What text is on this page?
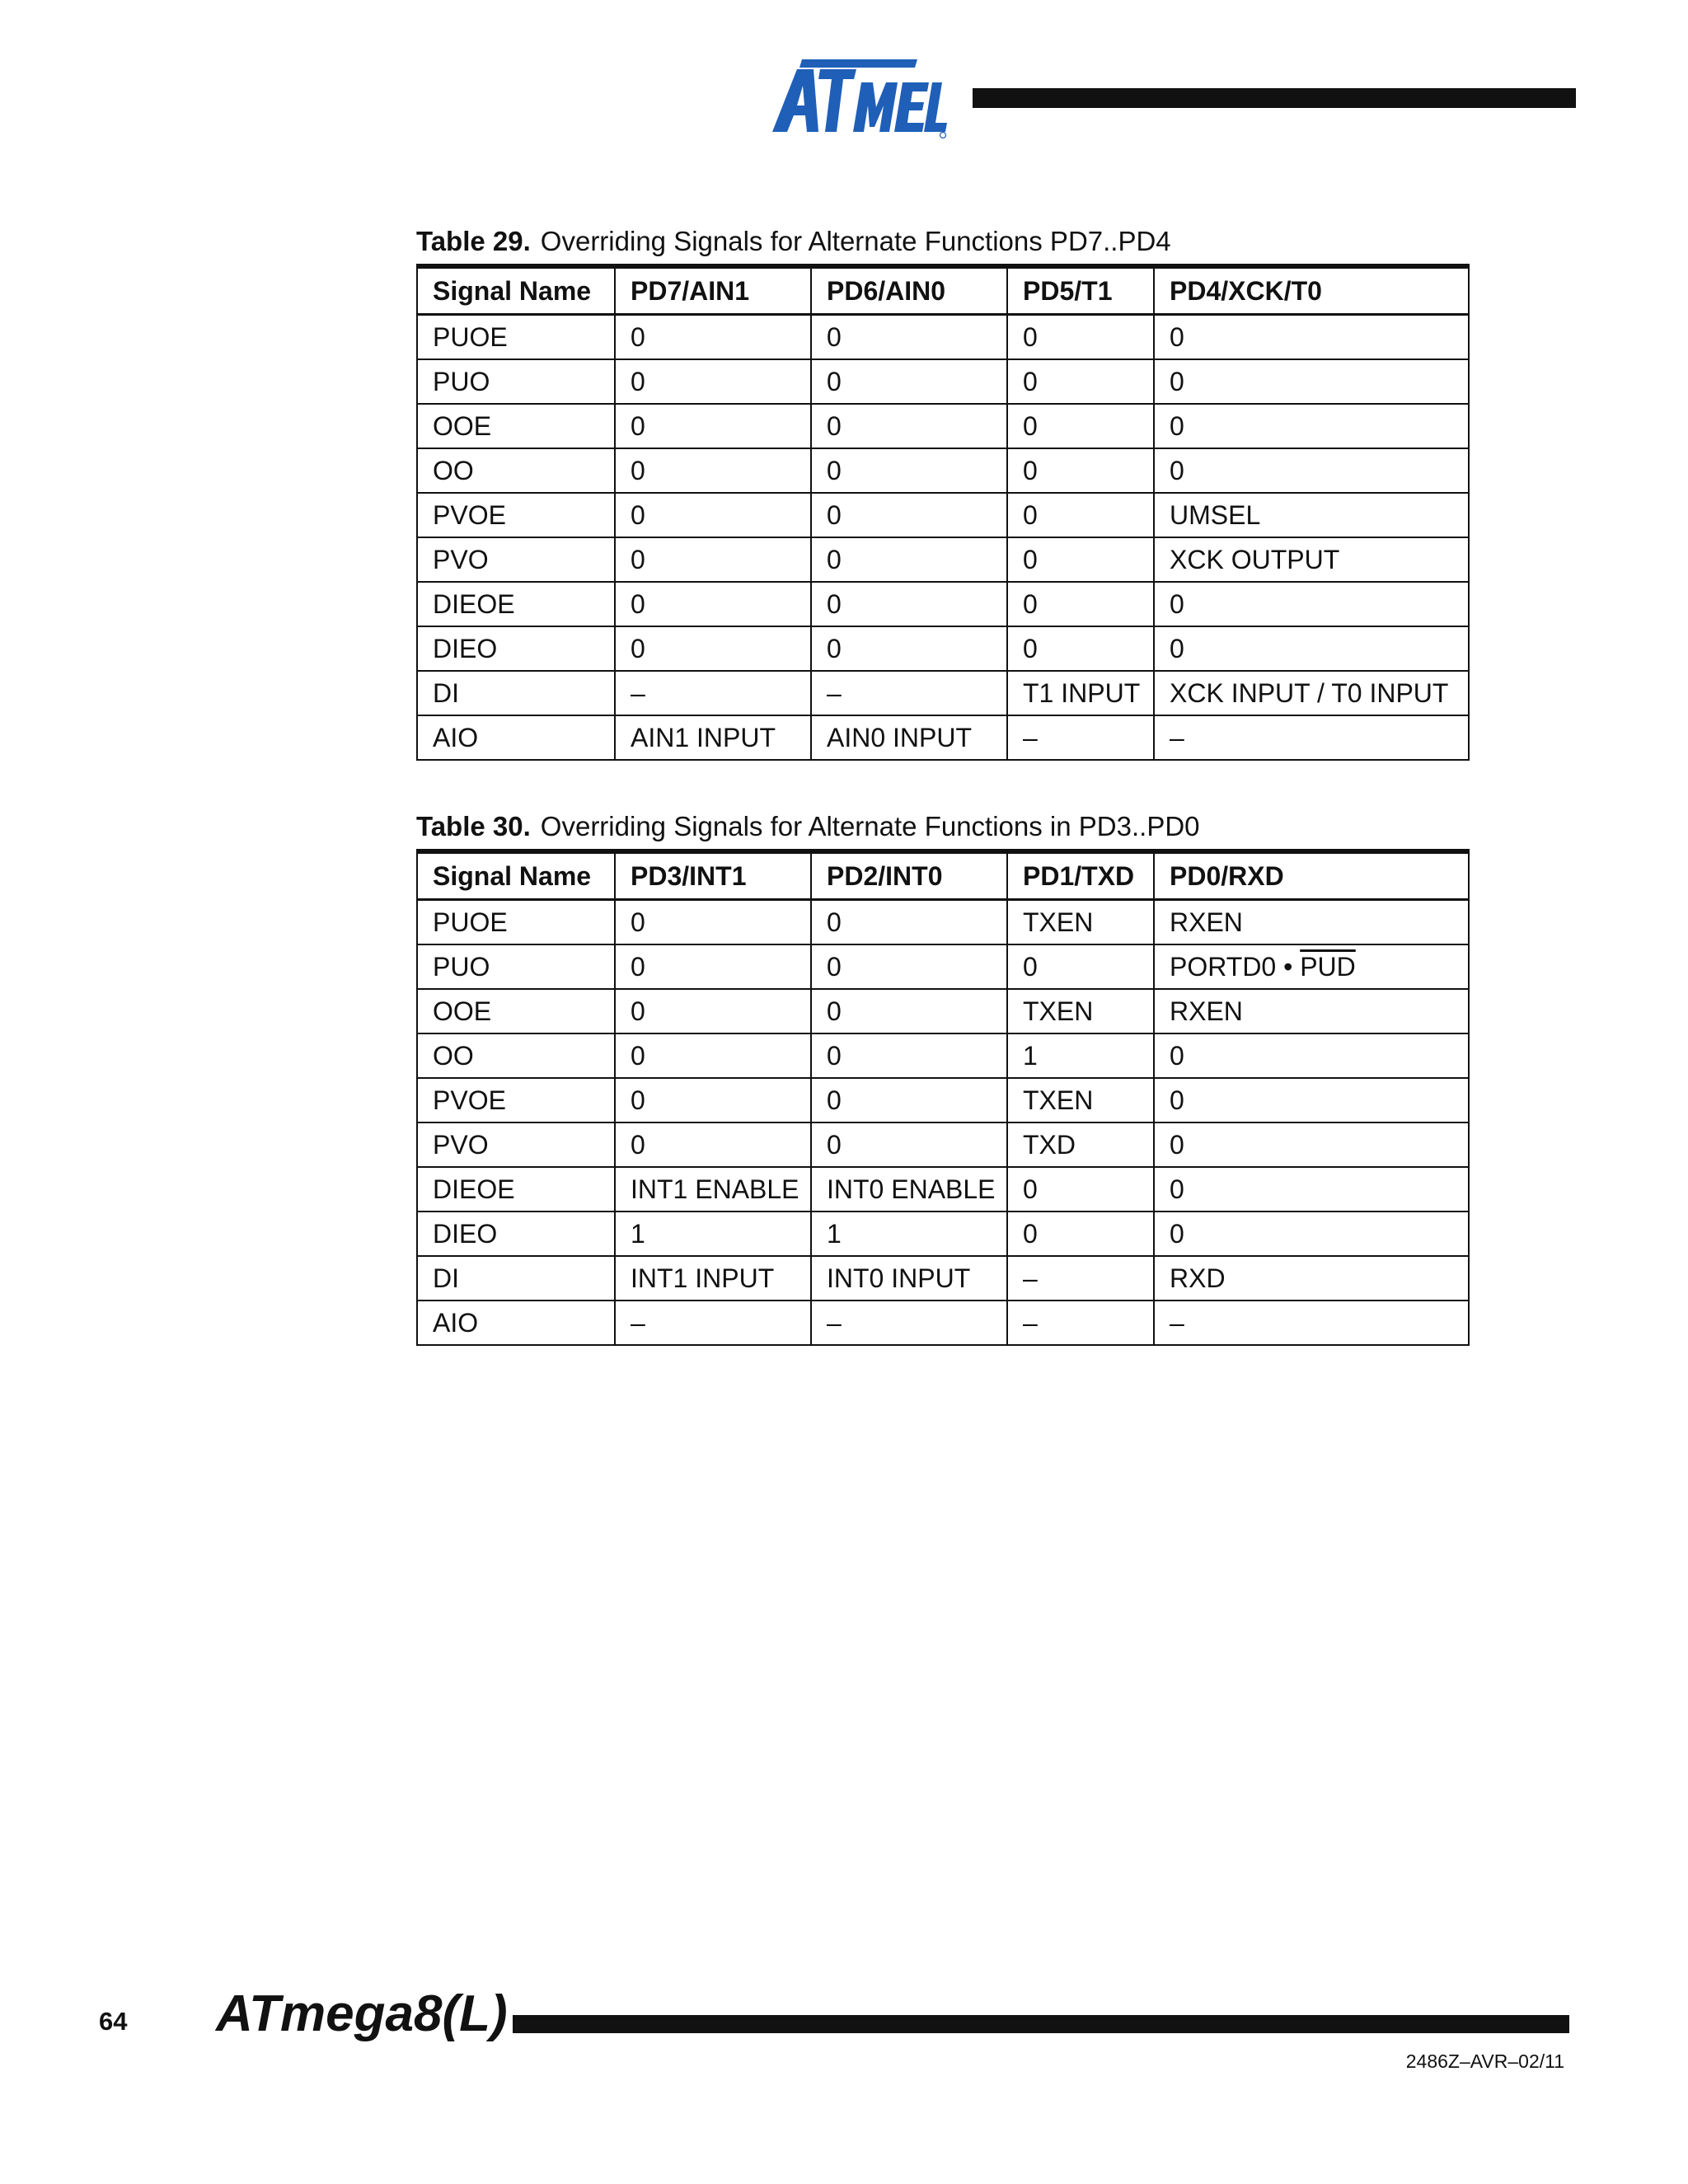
Table 29. Overriding Signals for Alternate Functions PD7..PD4
Signal Name	PD7/AIN1	PD6/AIN0	PD5/T1	PD4/XCK/T0
PUOE	0	0	0	0
PUO	0	0	0	0
OOE	0	0	0	0
OO	0	0	0	0
PVOE	0	0	0	UMSEL
PVO	0	0	0	XCK OUTPUT
DIEOE	0	0	0	0
DIEO	0	0	0	0
DI	–	–	T1 INPUT	XCK INPUT / T0 INPUT
AIO	AIN1 INPUT	AIN0 INPUT	–	–
Table 30. Overriding Signals for Alternate Functions in PD3..PD0
Signal Name	PD3/INT1	PD2/INT0	PD1/TXD	PD0/RXD
PUOE	0	0	TXEN	RXEN
PUO	0	0	0	PORTD0 • $\overline{PUD}$
OOE	0	0	TXEN	RXEN
OO	0	0	1	0
PVOE	0	0	TXEN	0
PVO	0	0	TXD	0
DIEOE	INT1 ENABLE	INT0 ENABLE	0	0
DIEO	1	1	0	0
DI	INT1 INPUT	INT0 INPUT	–	RXD
AIO	–	–	–	–
64 ATmega8(L)
2486Z–AVR–02/11
